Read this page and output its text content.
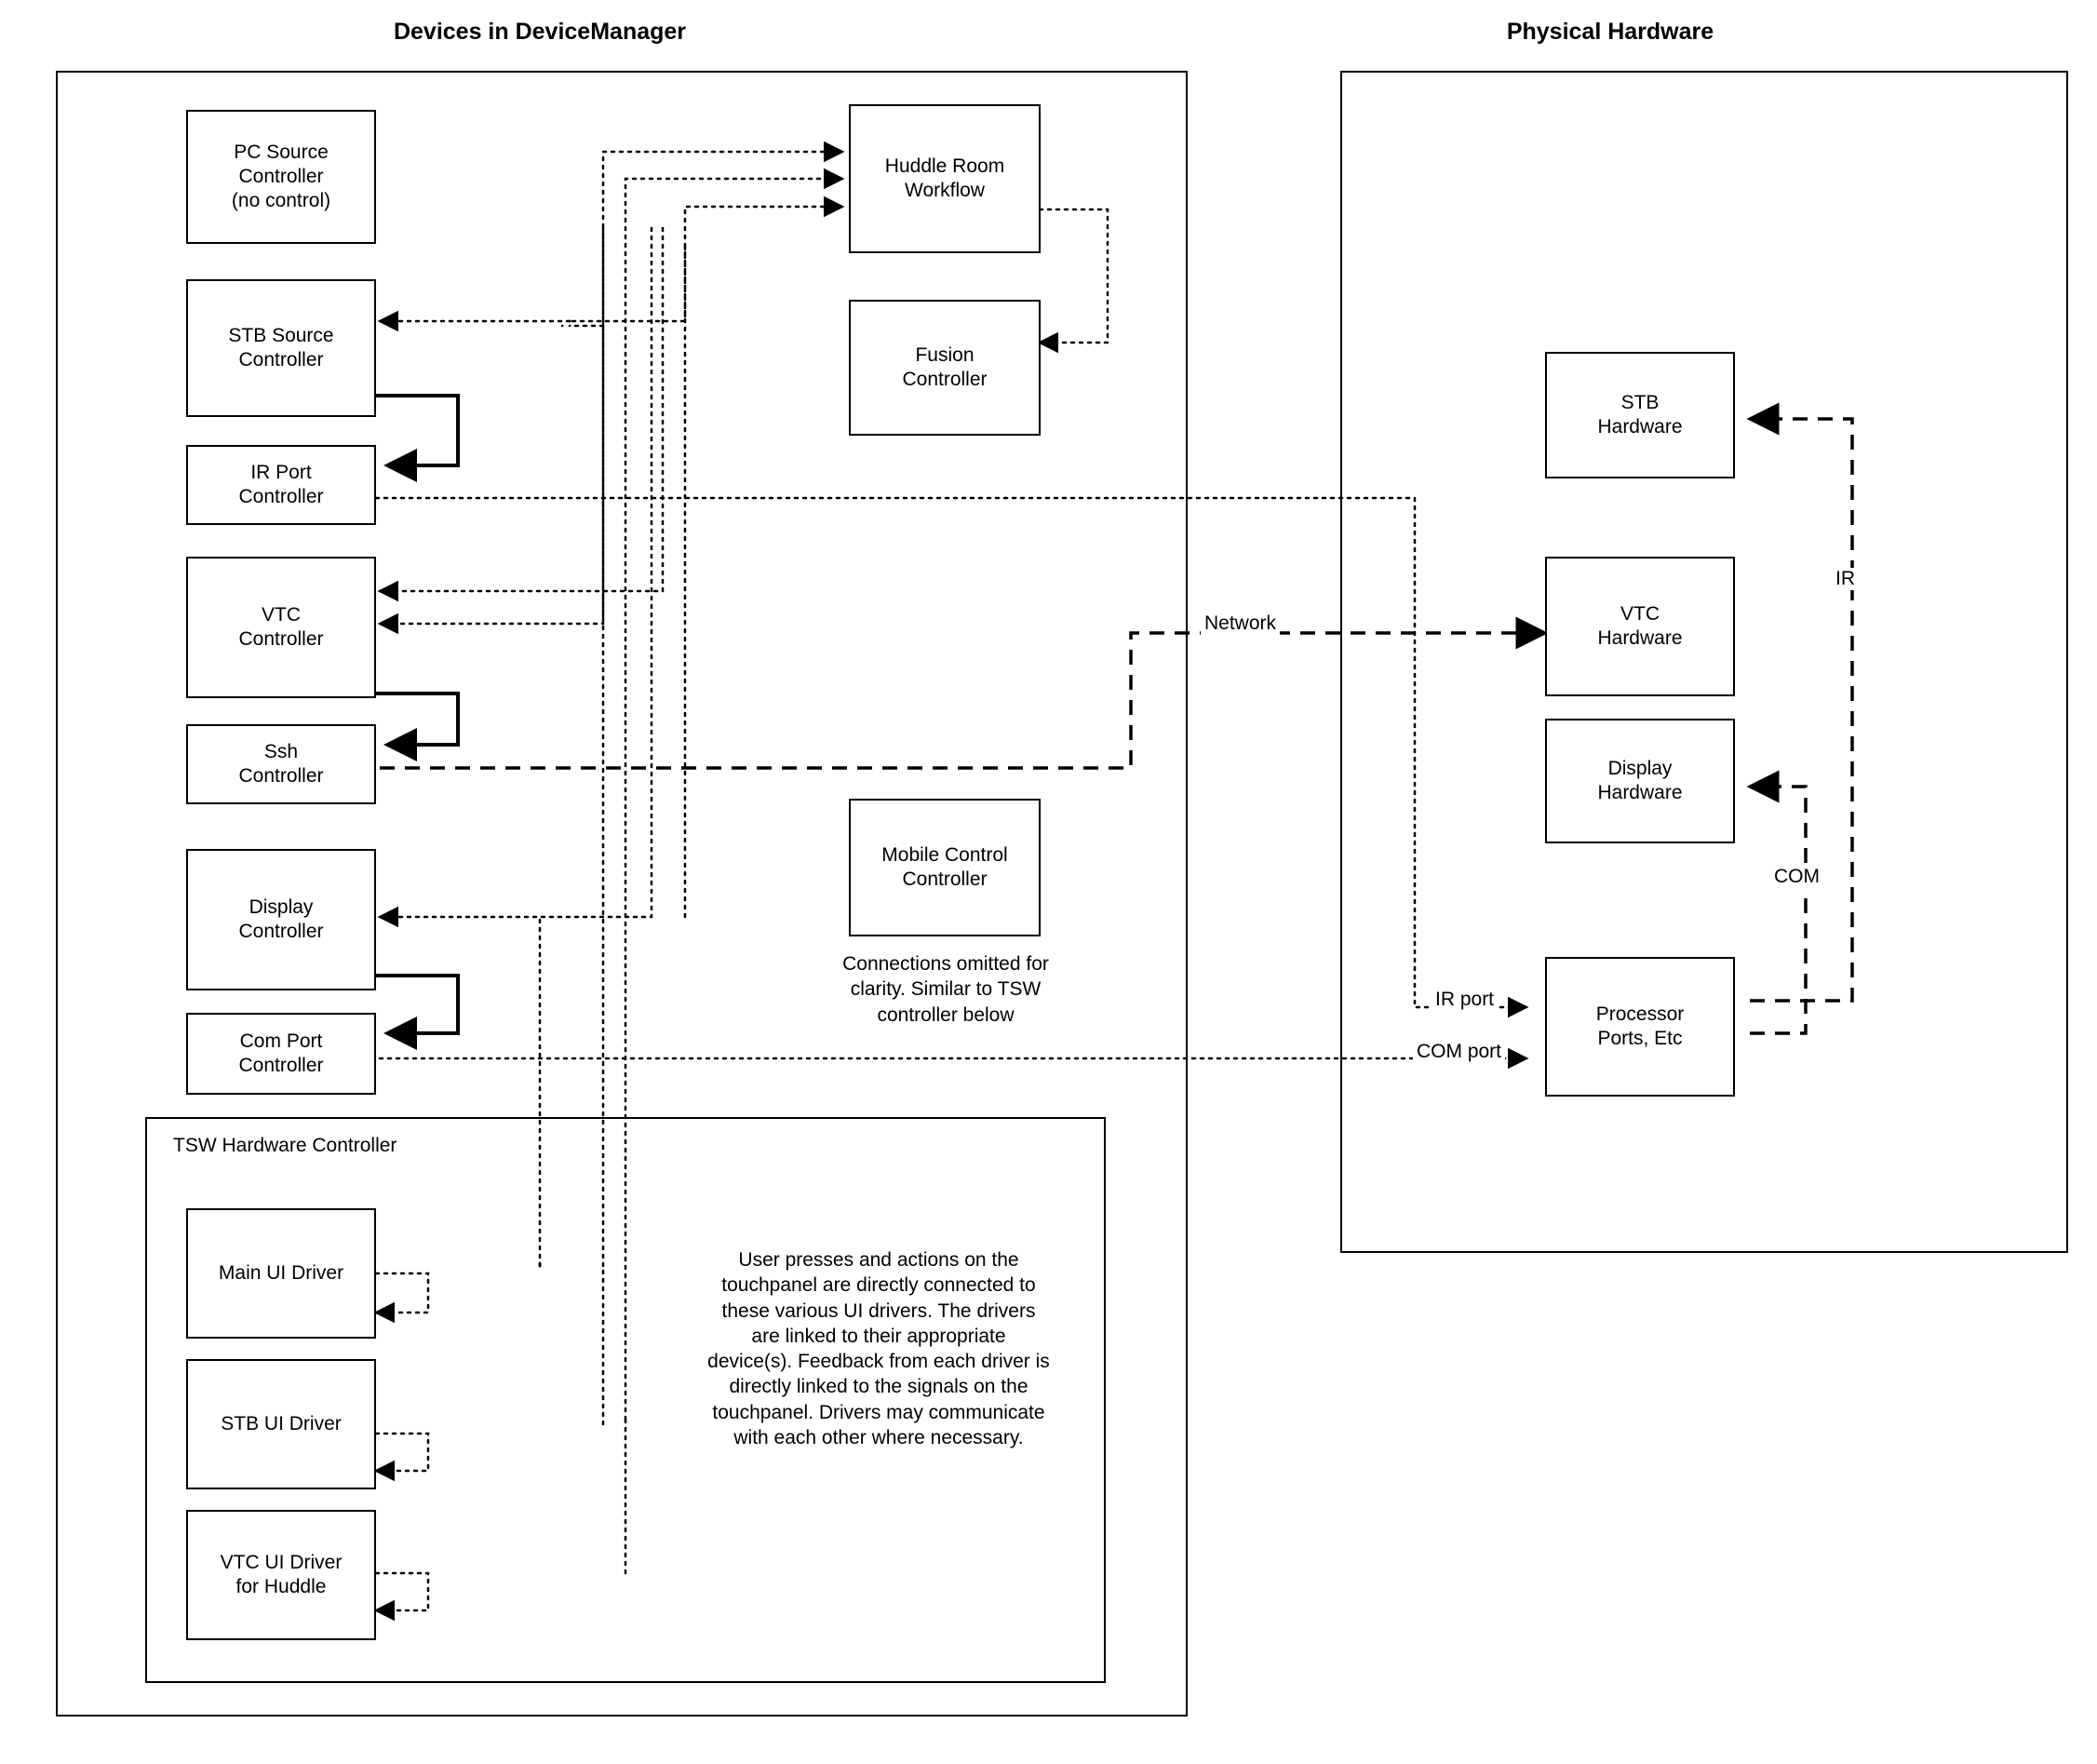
Devices in DeviceManager	Physical Hardware
TSW Hardware Controller
PC Source
Controller
(no control)
STB Source
Controller
IR Port
Controller
VTC
Controller
Ssh
Controller
Display
Controller
Com Port
Controller
Huddle Room
Workflow
Fusion
Controller
Mobile Control
Controller
Connections omitted for clarity. Similar to TSW controller below
Main UI Driver
STB UI Driver
VTC UI Driver
for Huddle
User presses and actions on the touchpanel are directly connected to these various UI drivers. The drivers are linked to their appropriate device(s). Feedback from each driver is directly linked to the signals on the touchpanel. Drivers may communicate with each other where necessary.
STB
Hardware
VTC
Hardware
Display
Hardware
Processor
Ports, Etc
Network
IR
COM
IR port
COM port
